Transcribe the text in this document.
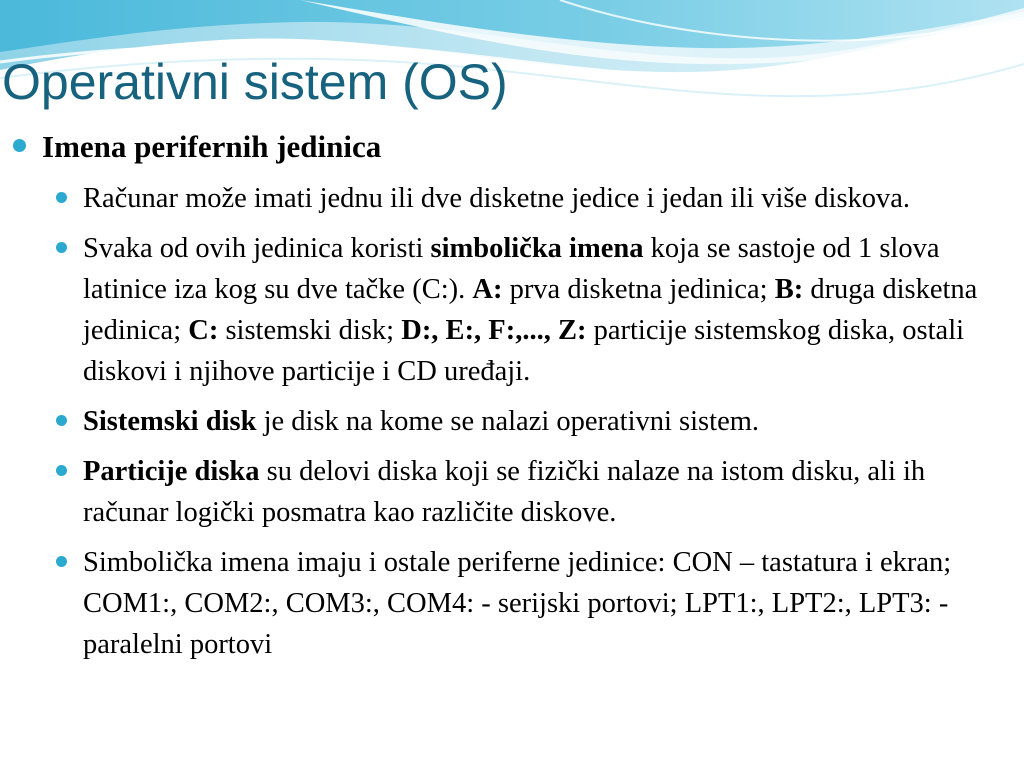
Operativni sistem (OS)

Imena perifernih jedinica

Računar može imati jednu ili dve disketne jedice i jedan ili više diskova.
Svaka od ovih jedinica koristi simbolička imena koja se sastoje od 1 slova latinice iza kog su dve tačke (C:). A: prva disketna jedinica; B: druga disketna jedinica; C: sistemski disk; D:, E:, F:,..., Z: particije sistemskog diska, ostali diskovi i njihove particije i CD uređaji.
Sistemski disk je disk na kome se nalazi operativni sistem.
Particije diska su delovi diska koji se fizički nalaze na istom disku, ali ih računar logički posmatra kao različite diskove.
Simbolička imena imaju i ostale periferne jedinice: CON – tastatura i ekran; COM1:, COM2:, COM3:, COM4: - serijski portovi; LPT1:, LPT2:, LPT3: - paralelni portovi
